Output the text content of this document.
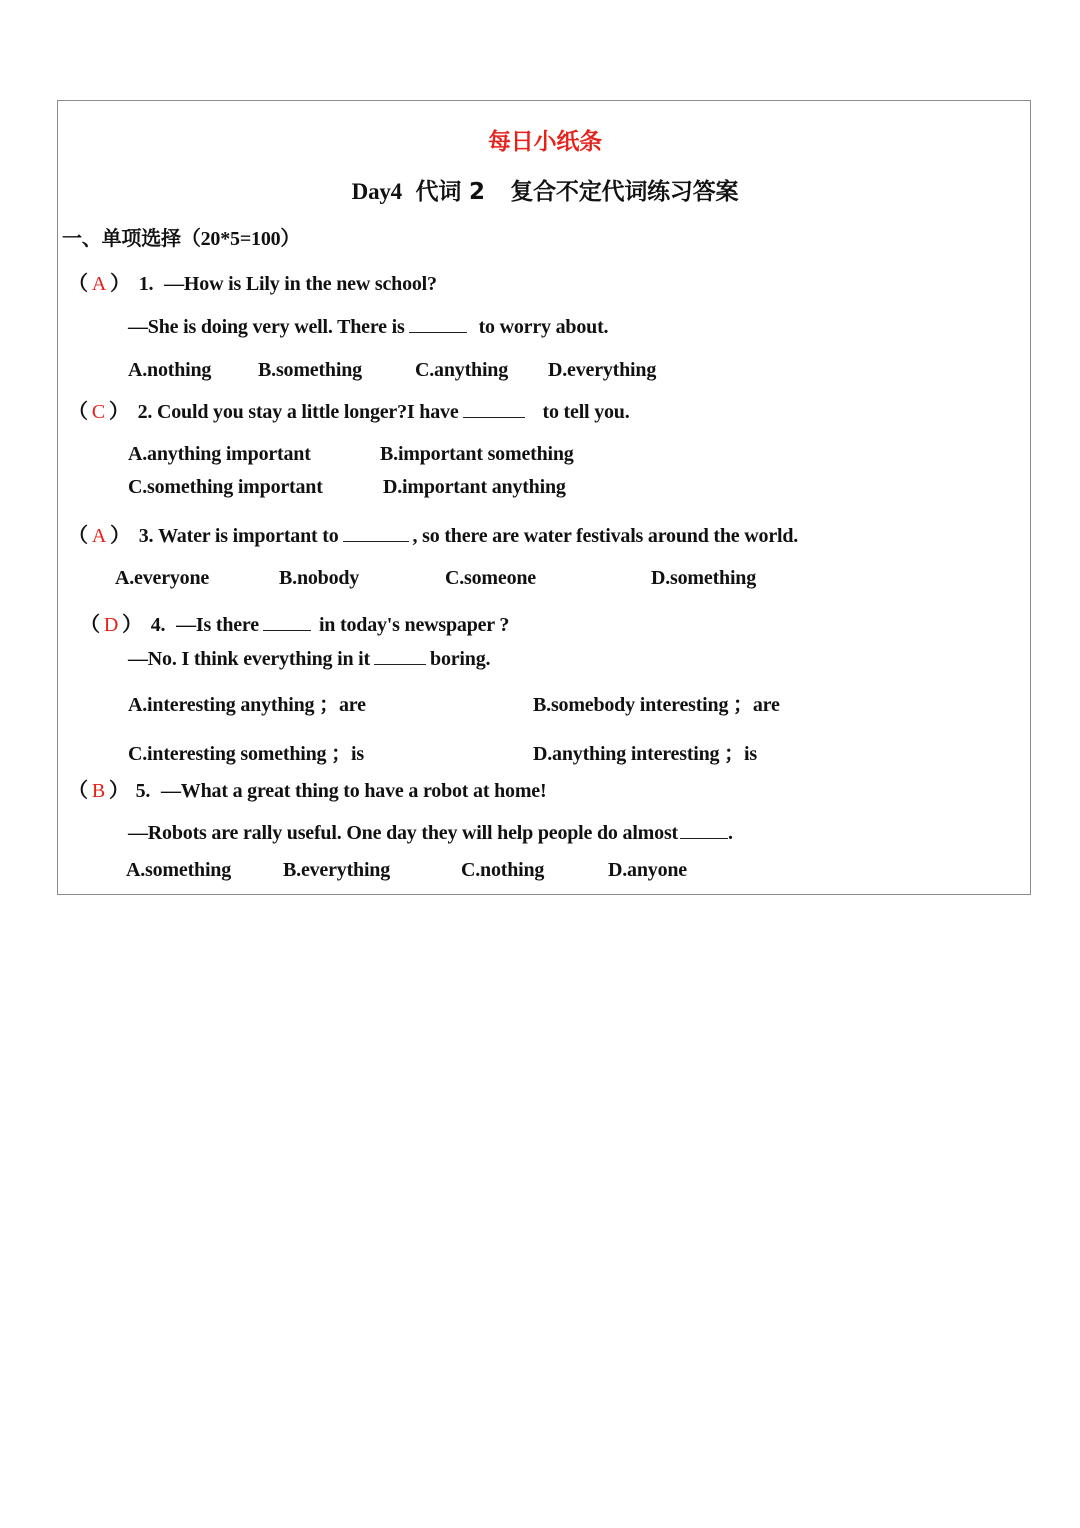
每日小纸条
Day4 代词 2 复合不定代词练习答案
一、单项选择（20*5=100）
（ A ） 1. —How is Lily in the new school?
—She is doing very well. There is	to worry about.
A.nothing B.something	C.anything D.everything
（ C ） 2. Could you stay a little longer?I have	to tell you.
A.anything important	B.important something
C.something important	D.important anything
（ A ） 3. Water is important to	, so there are water festivals around the world.
A.everyone	B.nobody	C.someone	D.something
（ D ） 4. —Is there	in today's newspaper ?
—No. I think everything in it	boring.
A.interesting anything ；are	B.somebody interesting ；are
C.interesting something ；is	D.anything interesting ；is
（ B ） 5. —What a great thing to have a robot at home!
—Robots are rally useful. One day they will help people do almost	.
A.something	B.everything	C.nothing	D.anyone
